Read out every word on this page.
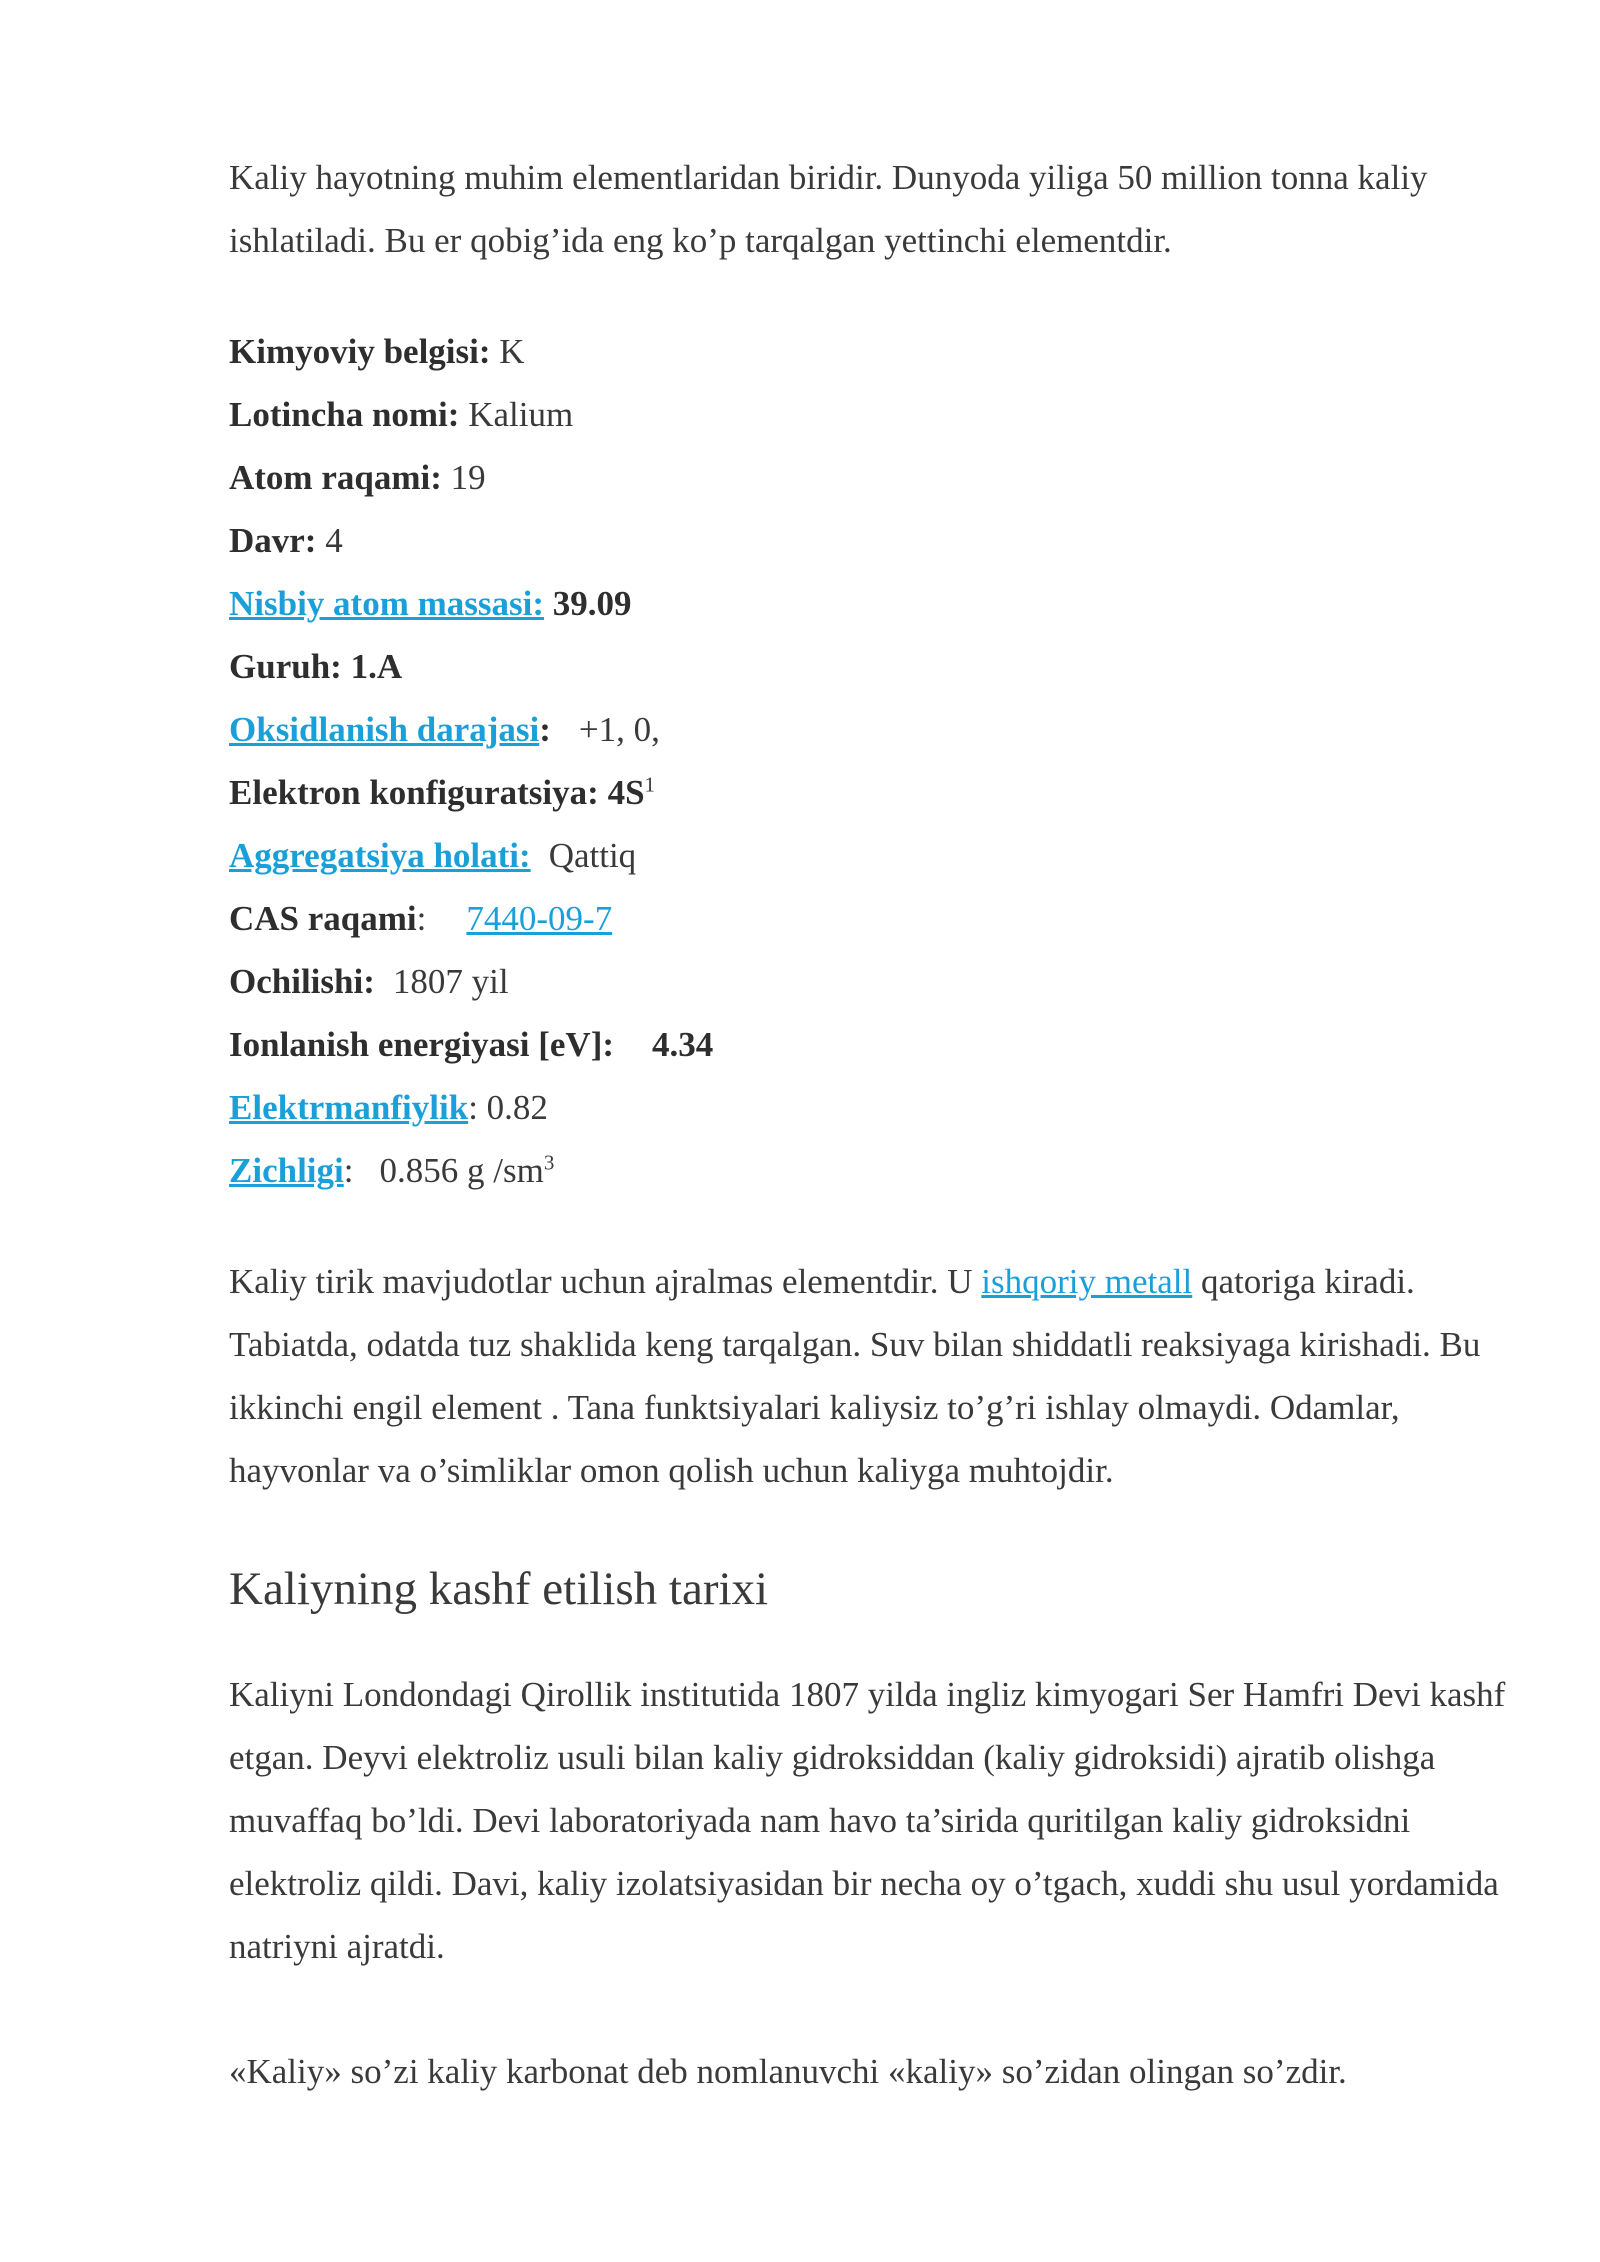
Kaliy hayotning muhim elementlaridan biridir. Dunyoda yiliga 50 million tonna kaliy ishlatiladi. Bu er qobig’ida eng ko’p tarqalgan yettinchi elementdir.

Kimyoviy belgisi: K
Lotincha nomi: Kalium
Atom raqami: 19
Davr: 4
Nisbiy atom massasi: 39.09
Guruh: 1.A
Oksidlanish darajasi: +1, 0,
Elektron konfiguratsiya: $4S^1$
Aggregatsiya holati: Qattiq
CAS raqami: 7440-09-7
Ochilishi: 1807 yil
Ionlanish energiyasi [eV]: 4.34
Elektrmanfiylik: 0.82
Zichligi: 0.856 g $/sm^3$

Kaliy tirik mavjudotlar uchun ajralmas elementdir. U ishqoriy metall qatoriga kiradi. Tabiatda, odatda tuz shaklida keng tarqalgan. Suv bilan shiddatli reaksiyaga kirishadi. Bu ikkinchi engil element . Tana funktsiyalari kaliysiz to’g’ri ishlay olmaydi. Odamlar, hayvonlar va o’simliklar omon qolish uchun kaliyga muhtojdir.

Kaliyning kashf etilish tarixi

Kaliyni Londondagi Qirollik institutida 1807 yilda ingliz kimyogari Ser Hamfri Devi kashf etgan. Deyvi elektroliz usuli bilan kaliy gidroksiddan (kaliy gidroksidi) ajratib olishga muvaffaq bo’ldi. Devi laboratoriyada nam havo ta’sirida quritilgan kaliy gidroksidni elektroliz qildi. Davi, kaliy izolatsiyasidan bir necha oy o’tgach, xuddi shu usul yordamida natriyni ajratdi.

«Kaliy» so’zi kaliy karbonat deb nomlanuvchi «kaliy» so’zidan olingan so’zdir.
